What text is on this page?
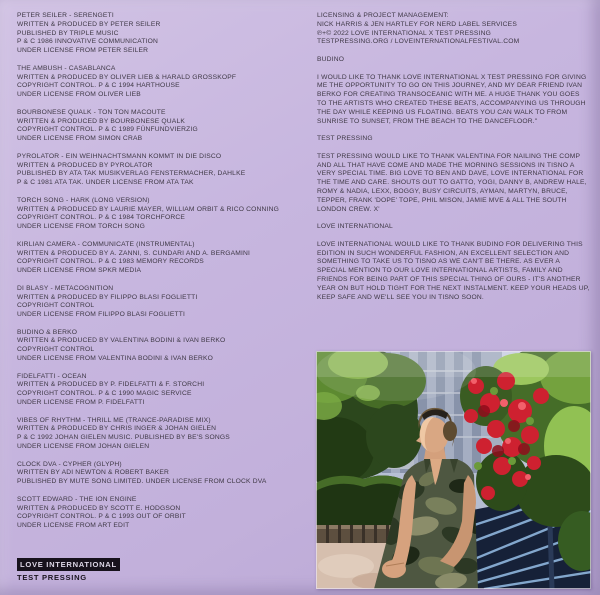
PETER SEILER - SERENGETI
WRITTEN & PRODUCED BY PETER SEILER
PUBLISHED BY TRIPLE MUSIC
P & C 1986 INNOVATIVE COMMUNICATION
UNDER LICENSE FROM PETER SEILER
THE AMBUSH - CASABLANCA
WRITTEN & PRODUCED BY OLIVER LIEB & HARALD GROSSKOPF
COPYRIGHT CONTROL. P & C 1994 HARTHOUSE
UNDER LICENSE FROM OLIVER LIEB
BOURBONESE QUALK - TON TON MACOUTE
WRITTEN & PRODUCED BY BOURBONESE QUALK
COPYRIGHT CONTROL. P & C 1989 FÜNFUNDVIERZIG
UNDER LICENSE FROM SIMON CRAB
PYROLATOR - EIN WEIHNACHTSMANN KOMMT IN DIE DISCO
WRITTEN & PRODUCED BY PYROLATOR
PUBLISHED BY ATA TAK MUSIKVERLAG FENSTERMACHER, DAHLKE
P & C 1981 ATA TAK. UNDER LICENSE FROM ATA TAK
TORCH SONG - HARK (LONG VERSION)
WRITTEN & PRODUCED BY LAURIE MAYER, WILLIAM ORBIT & RICO CONNING
COPYRIGHT CONTROL. P & C 1984 TORCHFORCE
UNDER LICENSE FROM TORCH SONG
KIRLIAN CAMERA - COMMUNICATE (INSTRUMENTAL)
WRITTEN & PRODUCED BY A. ZANNI, S. CUNDARI AND A. BERGAMINI
COPYRIGHT CONTROL. P & C 1983 MEMORY RECORDS
UNDER LICENSE FROM SPKR MEDIA
DI BLASY - METACOGNITION
WRITTEN & PRODUCED BY FILIPPO BLASI FOGLIETTI
COPYRIGHT CONTROL
UNDER LICENSE FROM FILIPPO BLASI FOGLIETTI
BUDINO & BERKO
WRITTEN & PRODUCED BY VALENTINA BODINI & IVAN BERKO
COPYRIGHT CONTROL
UNDER LICENSE FROM VALENTINA BODINI & IVAN BERKO
FIDELFATTI - OCEAN
WRITTEN & PRODUCED BY P. FIDELFATTI & F. STORCHI
COPYRIGHT CONTROL. P & C 1990 MAGIC SERVICE
UNDER LICENSE FROM P. FIDELFATTI
VIBES OF RHYTHM - THRILL ME (TRANCE-PARADISE MIX)
WRITTEN & PRODUCED BY CHRIS INGER & JOHAN GIELEN
P & C 1992 JOHAN GIELEN MUSIC. PUBLISHED BY BE'S SONGS
UNDER LICENSE FROM JOHAN GIELEN
CLOCK DVA - CYPHER (GLYPH)
WRITTEN BY ADI NEWTON & ROBERT BAKER
PUBLISHED BY MUTE SONG LIMITED. UNDER LICENSE FROM CLOCK DVA
SCOTT EDWARD - THE ION ENGINE
WRITTEN & PRODUCED BY SCOTT E. HODGSON
COPYRIGHT CONTROL. P & C 1993 OUT OF ORBIT
UNDER LICENSE FROM ART EDIT
LICENSING & PROJECT MANAGEMENT:
NICK HARRIS & JEN HARTLEY FOR NERD LABEL SERVICES
℗+© 2022 LOVE INTERNATIONAL X TEST PRESSING
TESTPRESSING.ORG / LOVEINTERNATIONALFESTIVAL.COM
BUDINO
I WOULD LIKE TO THANK LOVE INTERNATIONAL X TEST PRESSING FOR GIVING ME THE OPPORTUNITY TO GO ON THIS JOURNEY, AND MY DEAR FRIEND IVAN BERKO FOR CREATING TRANSOCEANIC WITH ME. A HUGE THANK YOU GOES TO THE ARTISTS WHO CREATED THESE BEATS, ACCOMPANYING US THROUGH THE DAY WHILE KEEPING US FLOATING. BEATS YOU CAN WALK TO FROM SUNRISE TO SUNSET, FROM THE BEACH TO THE DANCEFLOOR."
TEST PRESSING
TEST PRESSING WOULD LIKE TO THANK VALENTINA FOR NAILING THE COMP AND ALL THAT HAVE COME AND MADE THE MORNING SESSIONS IN TISNO A VERY SPECIAL TIME. BIG LOVE TO BEN AND DAVE, LOVE INTERNATIONAL FOR THE TIME AND CARE. SHOUTS OUT TO GATTO, YOGI, DANNY B, ANDREW HALE, ROMY & NADIA, LEXX, BOGGY, BUSY CIRCUITS, AYMAN, MARTYN, BRUCE, TEPPER, FRANK 'DOPE' TOPE, PHIL MISON, JAMIE MVE & ALL THE SOUTH LONDON CREW. X'
LOVE INTERNATIONAL
LOVE INTERNATIONAL WOULD LIKE TO THANK BUDINO FOR DELIVERING THIS EDITION IN SUCH WONDERFUL FASHION, AN EXCELLENT SELECTION AND SOMETHING TO TAKE US TO TISNO AS WE CAN'T BE THERE. AS EVER A SPECIAL MENTION TO OUR LOVE INTERNATIONAL ARTISTS, FAMILY AND FRIENDS FOR BEING PART OF THIS SPECIAL THING OF OURS - IT'S ANOTHER YEAR ON BUT HOLD TIGHT FOR THE NEXT INSTALMENT. KEEP YOUR HEADS UP, KEEP SAFE AND WE'LL SEE YOU IN TISNO SOON.
LOVE INTERNATIONAL
TEST PRESSING
